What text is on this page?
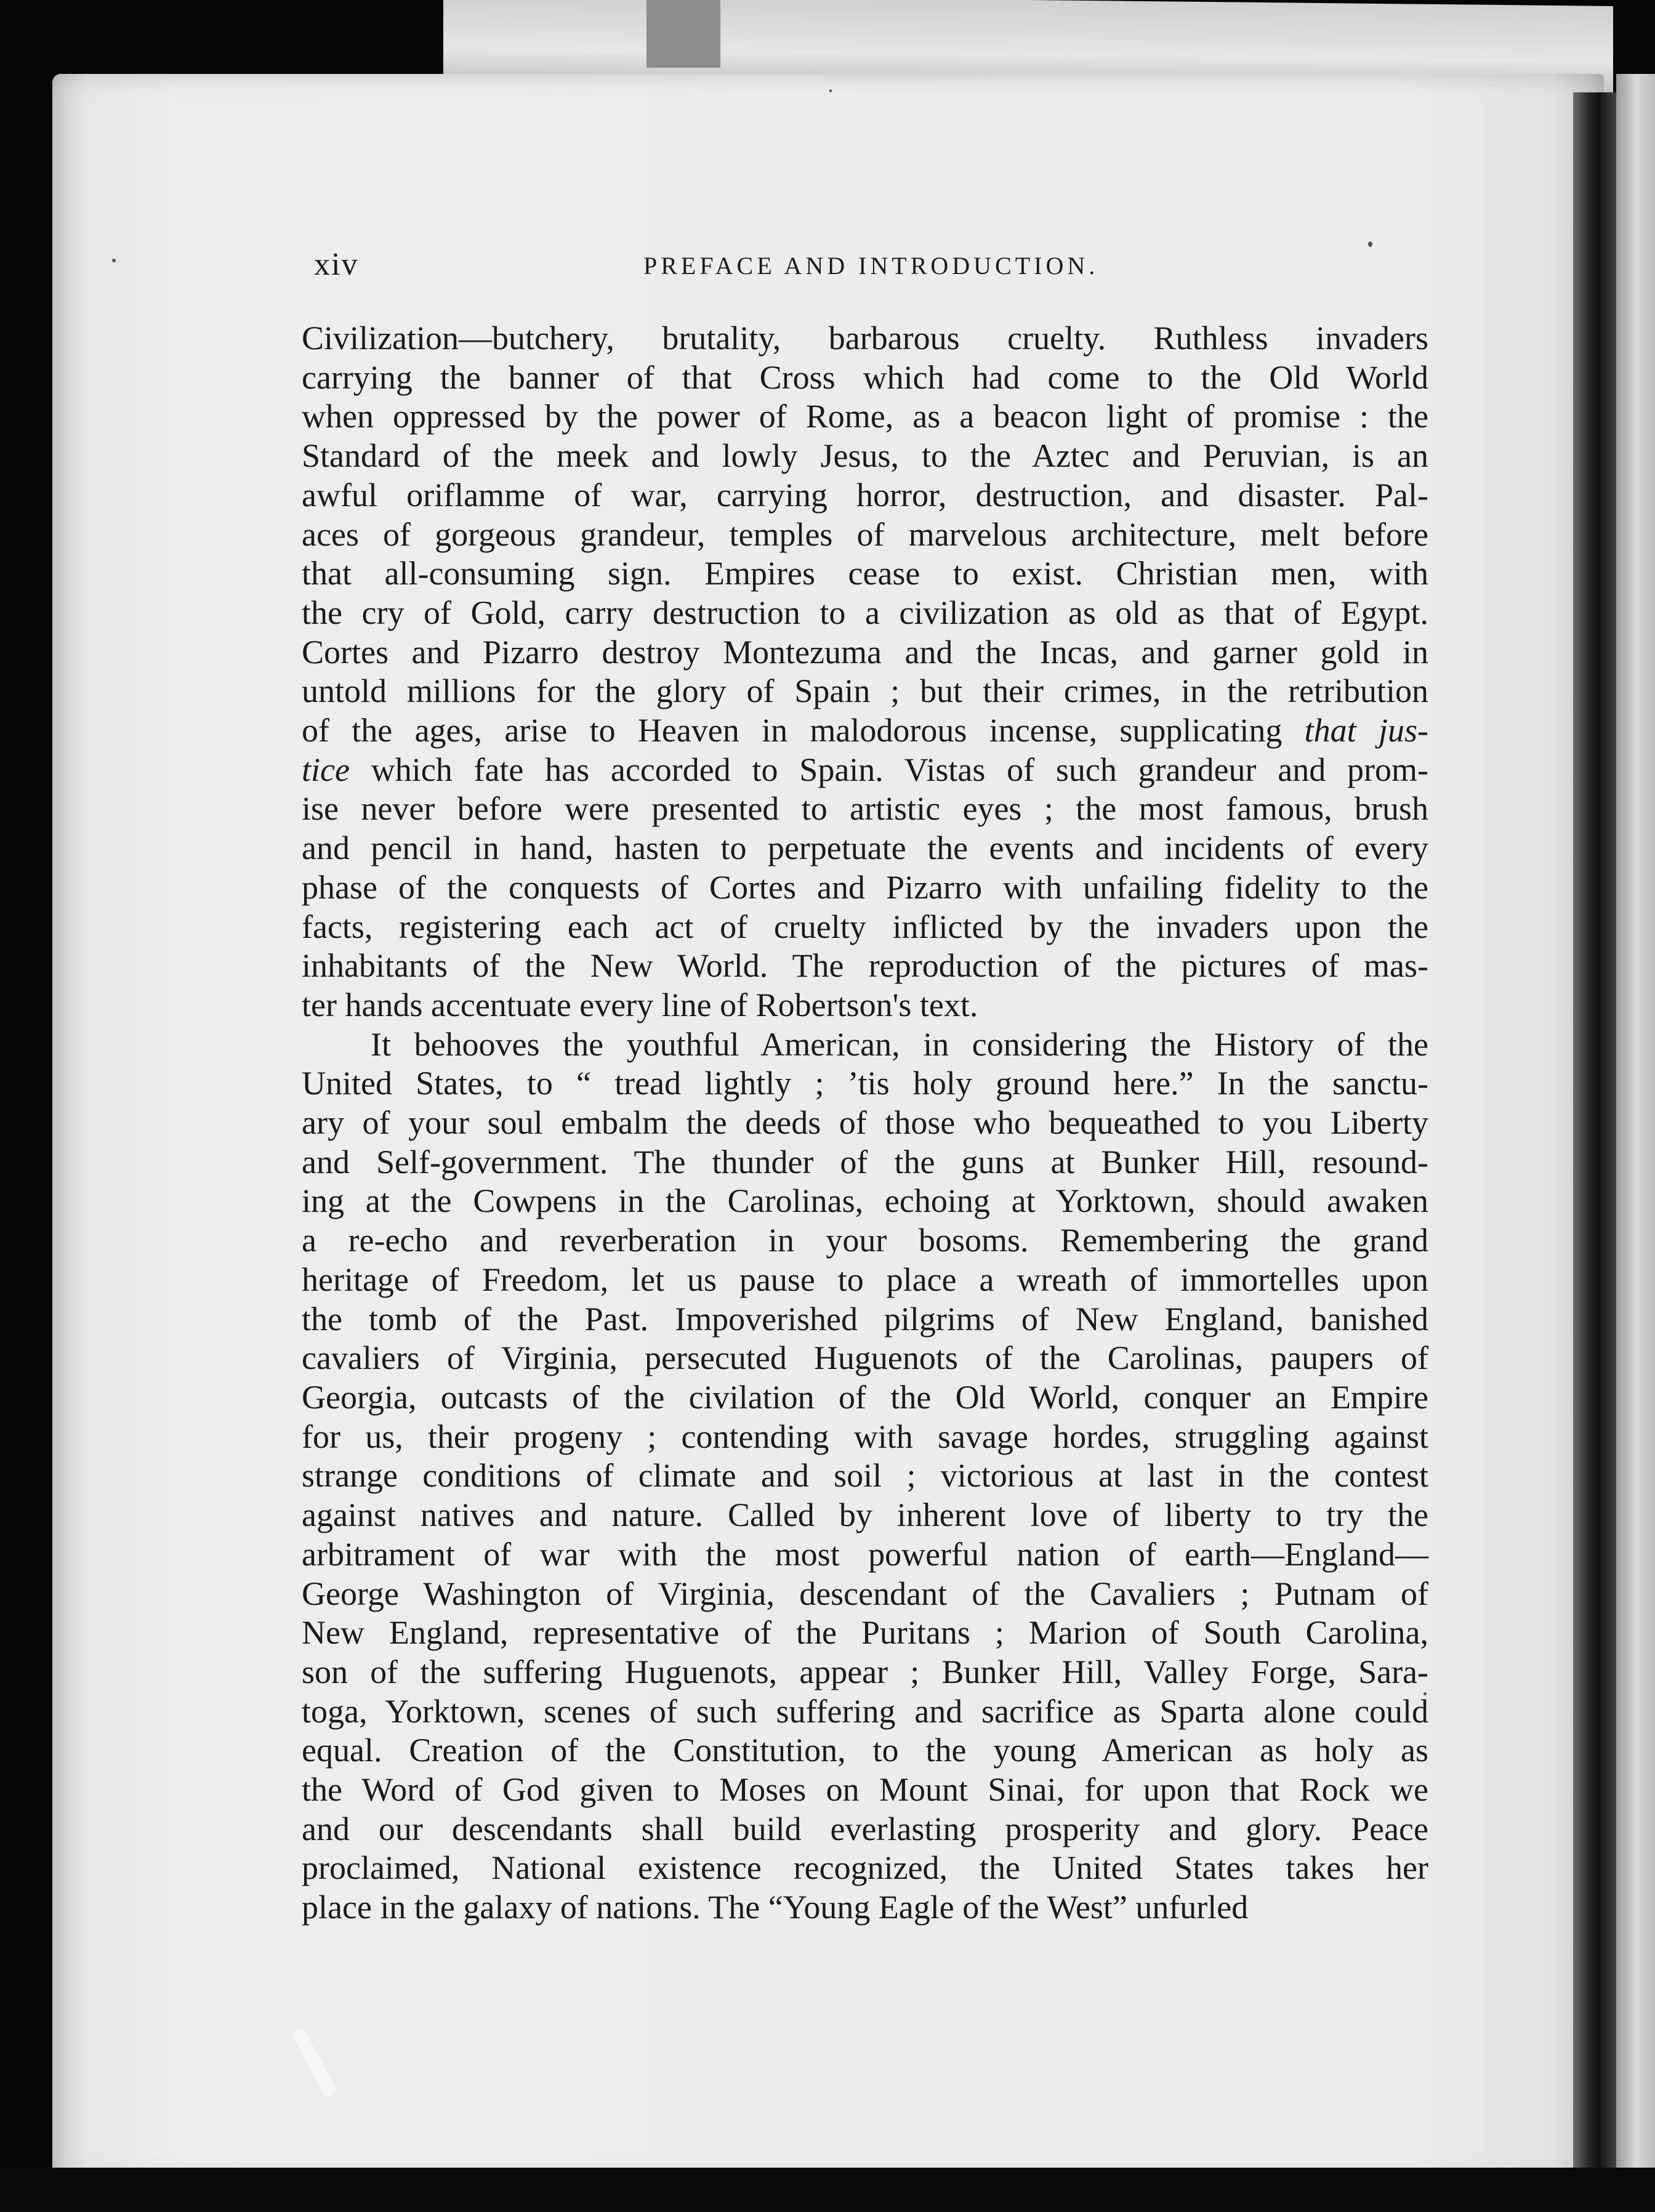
xiv	PREFACE AND INTRODUCTION.
Civilization—butchery, brutality, barbarous cruelty. Ruthless invaders
carrying the banner of that Cross which had come to the Old World
when oppressed by the power of Rome, as a beacon light of promise : the
Standard of the meek and lowly Jesus, to the Aztec and Peruvian, is an
awful oriflamme of war, carrying horror, destruction, and disaster. Pal-
aces of gorgeous grandeur, temples of marvelous architecture, melt before
that all-consuming sign. Empires cease to exist. Christian men, with
the cry of Gold, carry destruction to a civilization as old as that of Egypt.
Cortes and Pizarro destroy Montezuma and the Incas, and garner gold in
untold millions for the glory of Spain ; but their crimes, in the retribution
of the ages, arise to Heaven in malodorous incense, supplicating that jus-
tice which fate has accorded to Spain. Vistas of such grandeur and prom-
ise never before were presented to artistic eyes ; the most famous, brush
and pencil in hand, hasten to perpetuate the events and incidents of every
phase of the conquests of Cortes and Pizarro with unfailing fidelity to the
facts, registering each act of cruelty inflicted by the invaders upon the
inhabitants of the New World. The reproduction of the pictures of mas-
ter hands accentuate every line of Robertson's text.
It behooves the youthful American, in considering the History of the
United States, to “ tread lightly ; ’tis holy ground here.” In the sanctu-
ary of your soul embalm the deeds of those who bequeathed to you Liberty
and Self-government. The thunder of the guns at Bunker Hill, resound-
ing at the Cowpens in the Carolinas, echoing at Yorktown, should awaken
a re-echo and reverberation in your bosoms. Remembering the grand
heritage of Freedom, let us pause to place a wreath of immortelles upon
the tomb of the Past. Impoverished pilgrims of New England, banished
cavaliers of Virginia, persecuted Huguenots of the Carolinas, paupers of
Georgia, outcasts of the civilation of the Old World, conquer an Empire
for us, their progeny ; contending with savage hordes, struggling against
strange conditions of climate and soil ; victorious at last in the contest
against natives and nature. Called by inherent love of liberty to try the
arbitrament of war with the most powerful nation of earth—England—
George Washington of Virginia, descendant of the Cavaliers ; Putnam of
New England, representative of the Puritans ; Marion of South Carolina,
son of the suffering Huguenots, appear ; Bunker Hill, Valley Forge, Sara-
toga, Yorktown, scenes of such suffering and sacrifice as Sparta alone could
equal. Creation of the Constitution, to the young American as holy as
the Word of God given to Moses on Mount Sinai, for upon that Rock we
and our descendants shall build everlasting prosperity and glory. Peace
proclaimed, National existence recognized, the United States takes her
place in the galaxy of nations. The “Young Eagle of the West” unfurled
